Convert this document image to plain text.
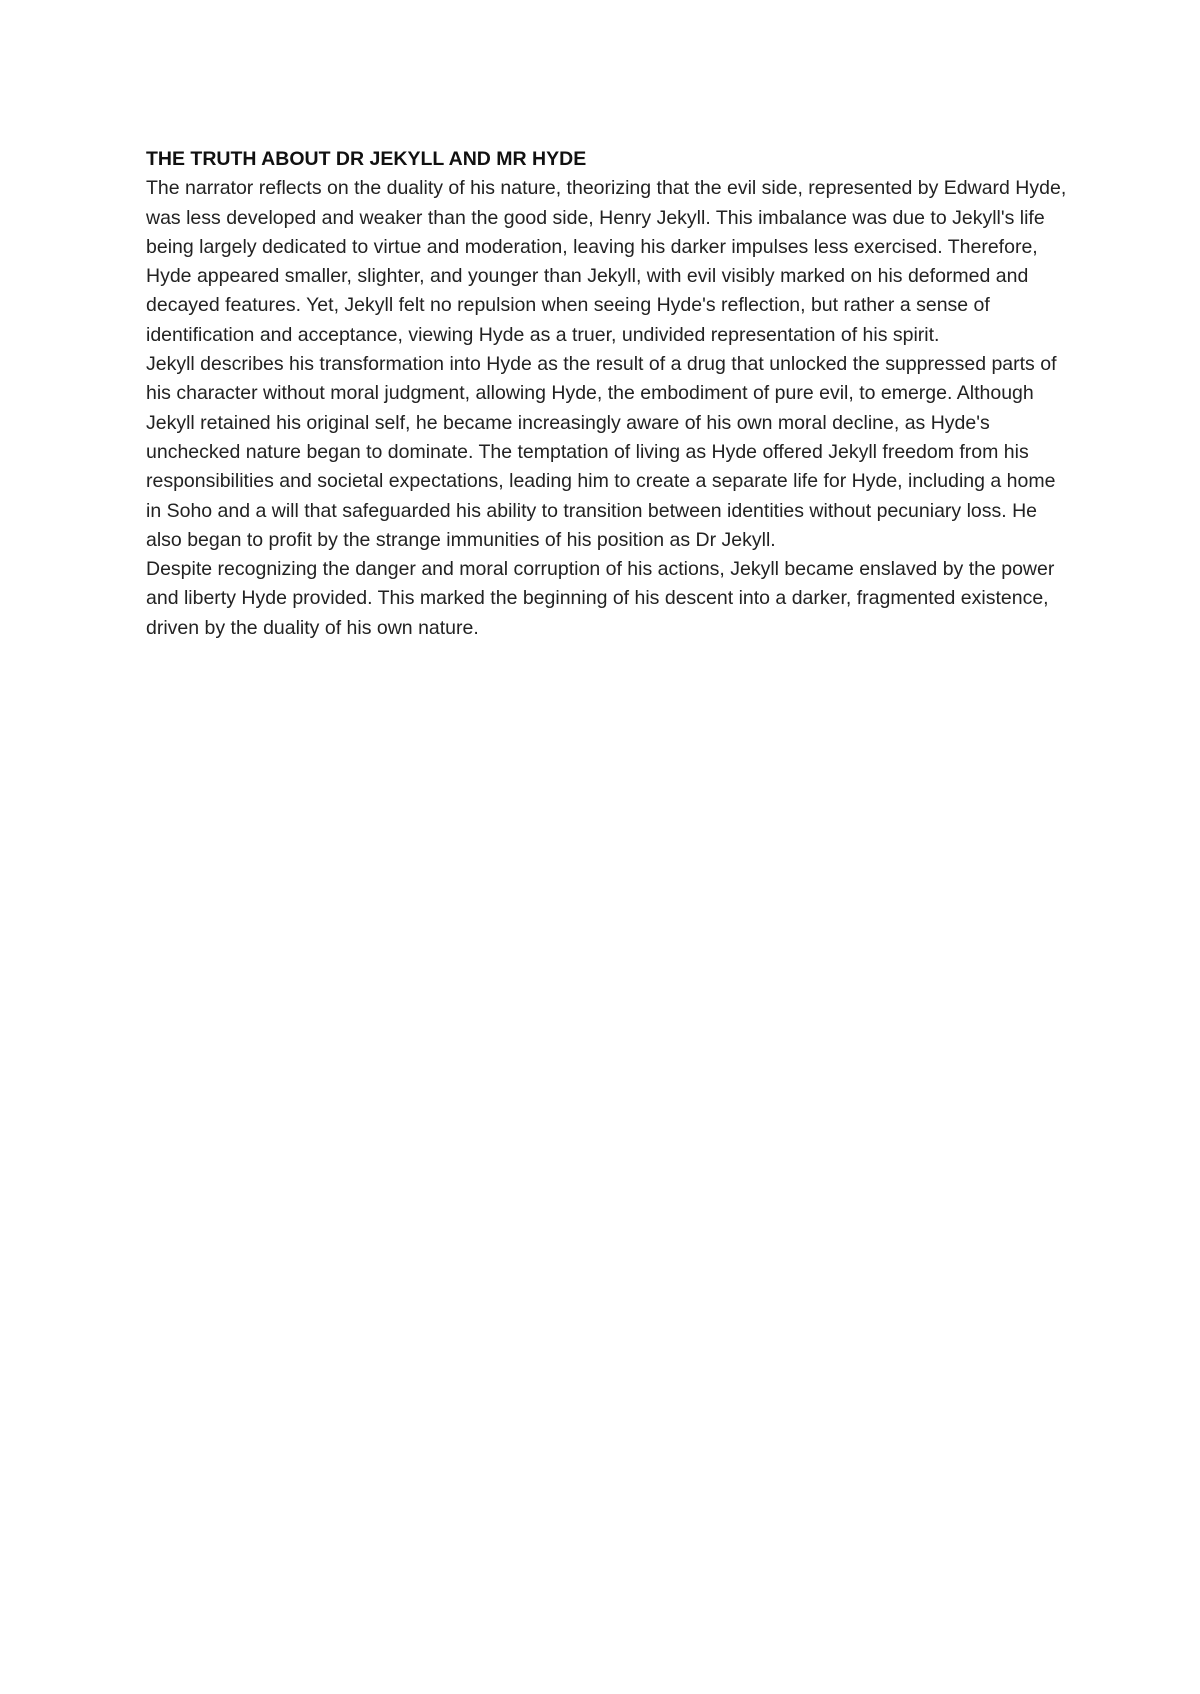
THE TRUTH ABOUT DR JEKYLL AND MR HYDE

The narrator reflects on the duality of his nature, theorizing that the evil side, represented by Edward Hyde, was less developed and weaker than the good side, Henry Jekyll. This imbalance was due to Jekyll's life being largely dedicated to virtue and moderation, leaving his darker impulses less exercised. Therefore, Hyde appeared smaller, slighter, and younger than Jekyll, with evil visibly marked on his deformed and decayed features. Yet, Jekyll felt no repulsion when seeing Hyde's reflection, but rather a sense of identification and acceptance, viewing Hyde as a truer, undivided representation of his spirit.

Jekyll describes his transformation into Hyde as the result of a drug that unlocked the suppressed parts of his character without moral judgment, allowing Hyde, the embodiment of pure evil, to emerge. Although Jekyll retained his original self, he became increasingly aware of his own moral decline, as Hyde's unchecked nature began to dominate. The temptation of living as Hyde offered Jekyll freedom from his responsibilities and societal expectations, leading him to create a separate life for Hyde, including a home in Soho and a will that safeguarded his ability to transition between identities without pecuniary loss. He also began to profit by the strange immunities of his position as Dr Jekyll.

Despite recognizing the danger and moral corruption of his actions, Jekyll became enslaved by the power and liberty Hyde provided. This marked the beginning of his descent into a darker, fragmented existence, driven by the duality of his own nature.
